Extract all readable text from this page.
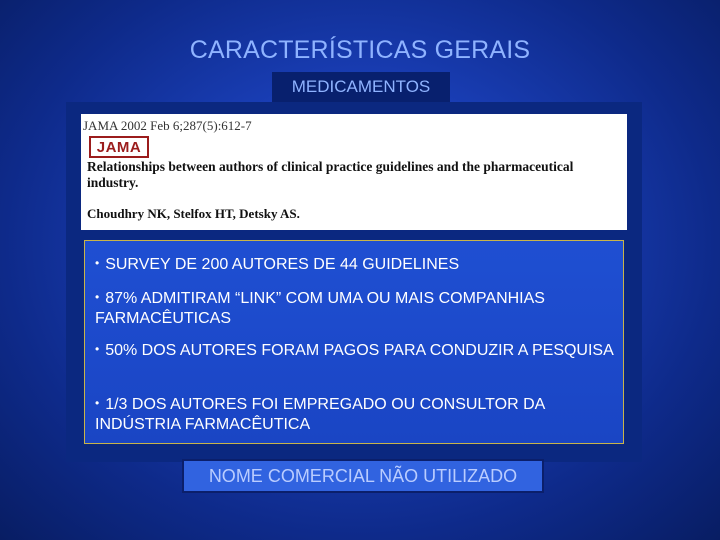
CARACTERÍSTICAS GERAIS
MEDICAMENTOS
JAMA 2002 Feb 6;287(5):612-7
JAMA
Relationships between authors of clinical practice guidelines and the pharmaceutical industry.
Choudhry NK, Stelfox HT, Detsky AS.
• SURVEY DE 200 AUTORES DE 44 GUIDELINES
• 87% ADMITIRAM “LINK” COM UMA OU MAIS COMPANHIAS FARMACÊUTICAS
• 50% DOS AUTORES FORAM PAGOS PARA CONDUZIR A PESQUISA
• 1/3 DOS AUTORES FOI EMPREGADO OU CONSULTOR DA INDÚSTRIA FARMACÊUTICA
NOME COMERCIAL NÃO UTILIZADO
